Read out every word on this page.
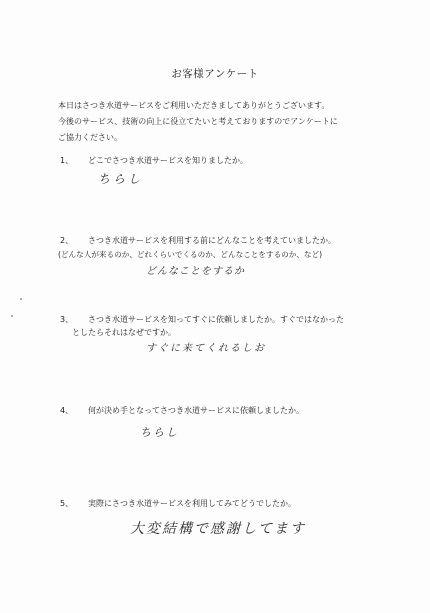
お客様アンケート
本日はさつき水道サービスをご利用いただきましてありがとうございます。
今後のサービス、技術の向上に役立てたいと考えておりますのでアンケートに
ご協力ください。
1、 どこでさつき水道サービスを知りましたか。
ちらし
2、 さつき水道サービスを利用する前にどんなことを考えていましたか。
(どんな人が来るのか、どれくらいでくるのか、どんなことをするのか、など)
どんなことをするか
3、 さつき水道サービスを知ってすぐに依頼しましたか。すぐではなかった
としたらそれはなぜですか。
すぐに来てくれるしお
4、 何が決め手となってさつき水道サービスに依頼しましたか。
ちらし
5、 実際にさつき水道サービスを利用してみてどうでしたか。
大変結構で感謝してます
